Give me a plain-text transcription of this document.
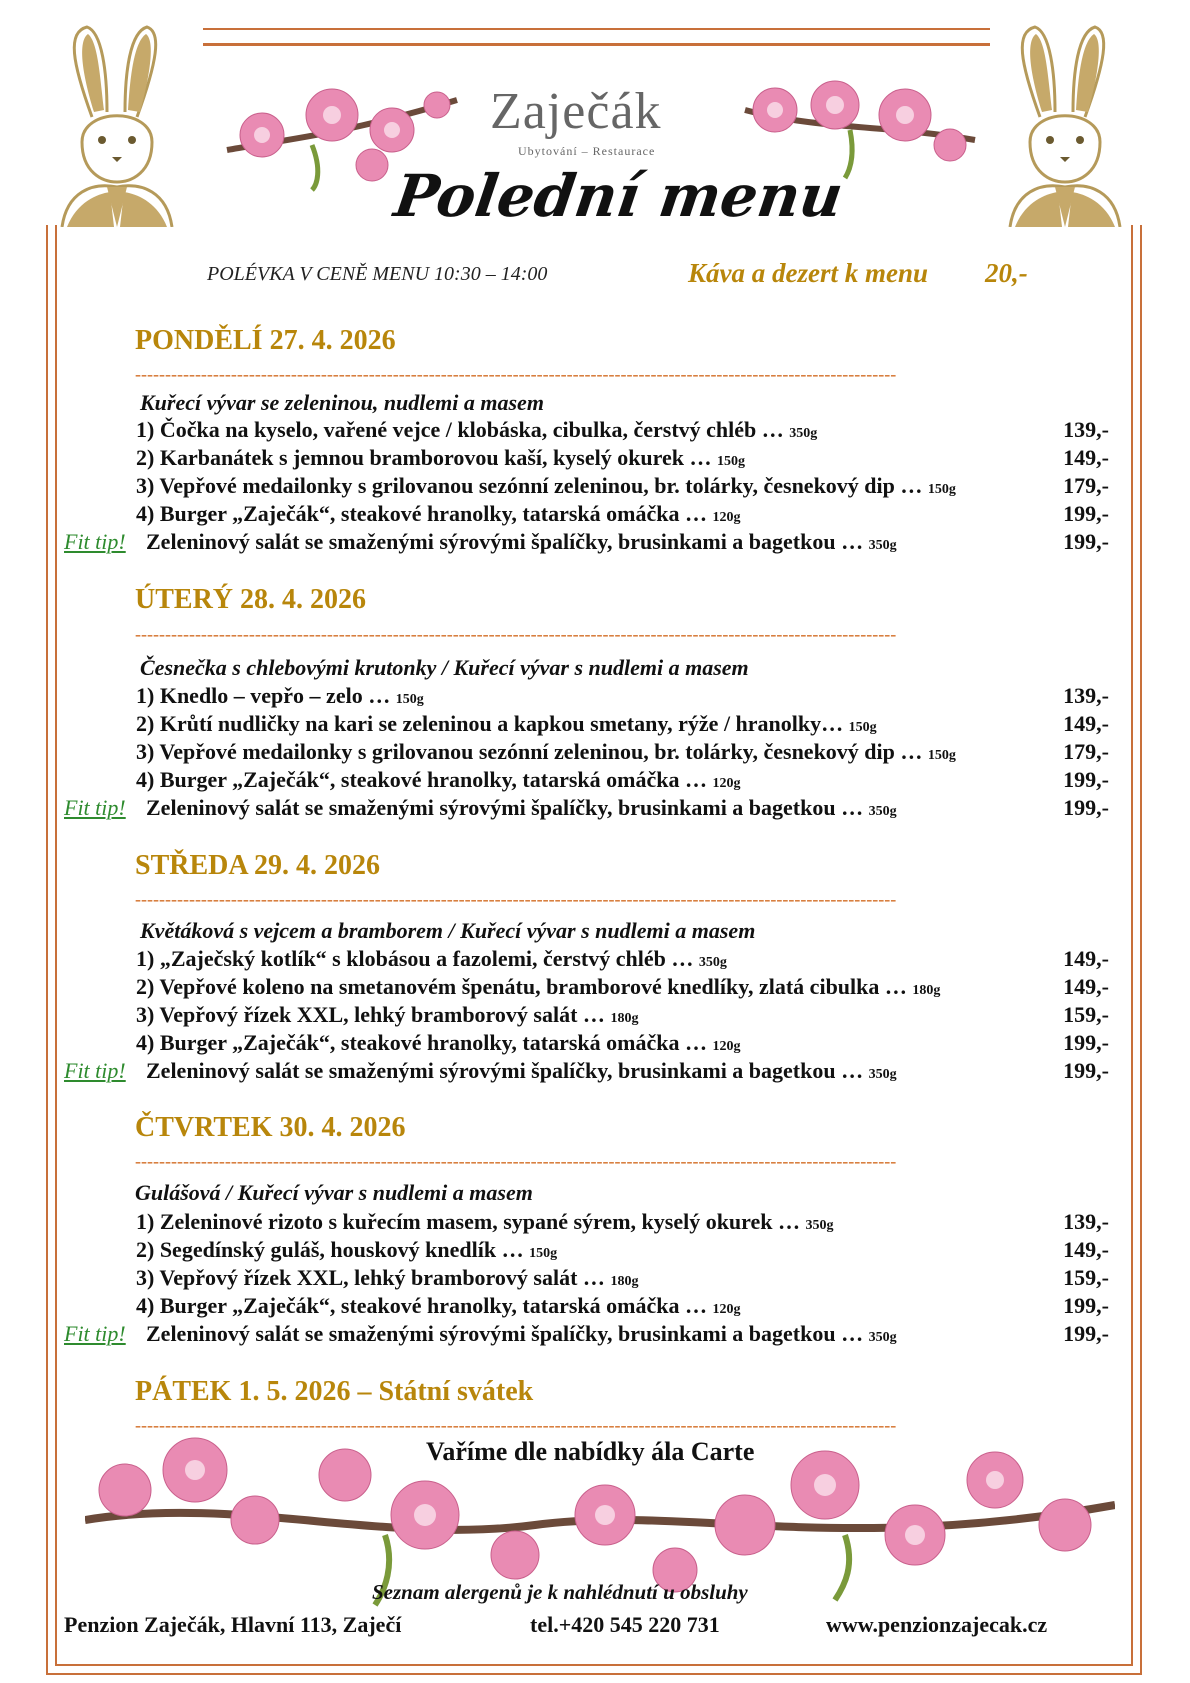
Zaječák
Ubytování – Restaurace
Polední menu
POLÉVKA V CENĚ MENU 10:30 – 14:00	Káva a dezert k menu 20,-
PONDĚLÍ 27. 4. 2026
-------------------------------------------------------------------------------------------------------------------------------
Kuřecí vývar se zeleninou, nudlemi a masem
1) Čočka na kyselo, vařené vejce / klobáska, cibulka, čerstvý chléb … 350g	139,-
2) Karbanátek s jemnou bramborovou kaší, kyselý okurek … 150g	149,-
3) Vepřové medailonky s grilovanou sezónní zeleninou, br. tolárky, česnekový dip … 150g	179,-
4) Burger „Zaječák“, steakové hranolky, tatarská omáčka … 120g	199,-
Fit tip! Zeleninový salát se smaženými sýrovými špalíčky, brusinkami a bagetkou … 350g	199,-
ÚTERÝ 28. 4. 2026
-------------------------------------------------------------------------------------------------------------------------------
Česnečka s chlebovými krutonky / Kuřecí vývar s nudlemi a masem
1) Knedlo – vepřo – zelo … 150g	139,-
2) Krůtí nudličky na kari se zeleninou a kapkou smetany, rýže / hranolky… 150g	149,-
3) Vepřové medailonky s grilovanou sezónní zeleninou, br. tolárky, česnekový dip … 150g	179,-
4) Burger „Zaječák“, steakové hranolky, tatarská omáčka … 120g	199,-
Fit tip! Zeleninový salát se smaženými sýrovými špalíčky, brusinkami a bagetkou … 350g	199,-
STŘEDA 29. 4. 2026
-------------------------------------------------------------------------------------------------------------------------------
Květáková s vejcem a bramborem / Kuřecí vývar s nudlemi a masem
1) „Zaječský kotlík“ s klobásou a fazolemi, čerstvý chléb … 350g	149,-
2) Vepřové koleno na smetanovém špenátu, bramborové knedlíky, zlatá cibulka … 180g	149,-
3) Vepřový řízek XXL, lehký bramborový salát … 180g	159,-
4) Burger „Zaječák“, steakové hranolky, tatarská omáčka … 120g	199,-
Fit tip! Zeleninový salát se smaženými sýrovými špalíčky, brusinkami a bagetkou … 350g	199,-
ČTVRTEK 30. 4. 2026
-------------------------------------------------------------------------------------------------------------------------------
Gulášová / Kuřecí vývar s nudlemi a masem
1) Zeleninové rizoto s kuřecím masem, sypané sýrem, kyselý okurek … 350g	139,-
2) Segedínský guláš, houskový knedlík … 150g	149,-
3) Vepřový řízek XXL, lehký bramborový salát … 180g	159,-
4) Burger „Zaječák“, steakové hranolky, tatarská omáčka … 120g	199,-
Fit tip! Zeleninový salát se smaženými sýrovými špalíčky, brusinkami a bagetkou … 350g	199,-
PÁTEK 1. 5. 2026 – Státní svátek
-------------------------------------------------------------------------------------------------------------------------------
Vaříme dle nabídky ála Carte
Seznam alergenů je k nahlédnutí u obsluhy
Penzion Zaječák, Hlavní 113, Zaječí	tel.+420 545 220 731	www.penzionzajecak.cz
